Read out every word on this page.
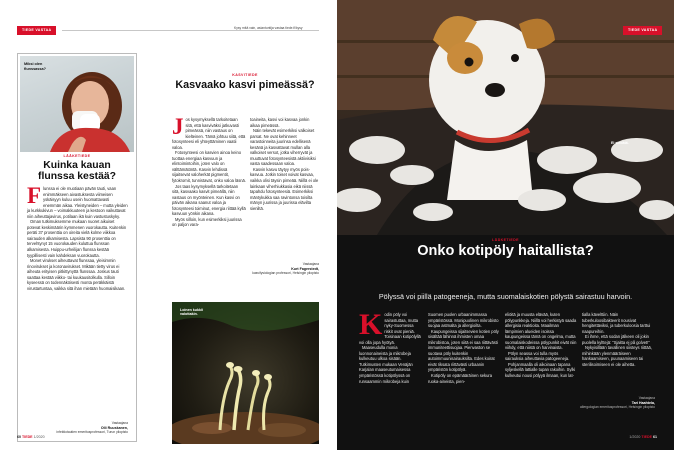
TIEDE VASTAA	Kysy mitä vain, asiantuntija vastaa tiede.fi/kysy
Miksi olen flunssassa?
LÄÄKETIEDE
Kuinka kauan flunssa kestää?
F lunssa ei ole muotiaan pävän tauti, vaan enimmäkseen aivastuksesta viimeisen yskäisyyn kuluu usein huomattavasti enemmän aikaa. Yleistyneiden – mutta yleiden ja kurkkukivun – voimakkuuteen ja kestoon vaikuttavat niin aiheuttajavirus, potilaan ikä kuin vastustuskyky.

Oman tutkimuksemme mukaan nuoret aikuiset potevat keskimäärin kymmenen vuorokautta. Kuitenkin peräti 37 prosenttia on oireita vielä kolme viikkoa sairauden alkamisesta. Lapsista 90 prosenttia on tervehtynyt 15 vuorokauden kuluttua flunssan alkamisesta. Huippu-urheilijan flunssa kestää tyypillisesti vain kahdeksan vuorokautta.

Monet virukset aiheuttavat flunssaa, yleisimmin rinovirukset ja koronavirukset. Mikään tietty virus ei aiheuta erityisen pitkittynyttä flunssaa. Joskus tauti saattaa kestää viikko- tai kuukausitolkulla. Silloin kyseessä on todennäköisesti monta peräkkäistä virustartuntaa, vaikka sitä ihan mietään huomaisikaan.

Vastaajana
Olli Ruuskanen,
infektiotautien emeritusprofessori, Turun yliopisto
KASVITIEDE
Kasvaako kasvi pimeässä?
J os kysymyksellä tarkoitetaan sitä, että kasviväksi jatkuvasti pimeässä, niin vastaus on kielteinen. Tämä johtuu siitä, että fotosynteesi eli yhteyttäminen vaatii valoa.

Fotosynteesi on kasvien ainoa keino tuottaa energiaa kasvuun ja elintoimintoihin, joten valo on välttämätöntä. Kasvin lehdissä sijaitsevat valoherkät pigmentit, fytokromit, tunnistavat, onko valoa läsnä.

Jos taas kysymyksellä tarkoitetaan sitä, kasvaako kasvit pimeällä, niin vastaus on myönteinen. Kun kasvi on päivän aikana saanut valoa ja fotosynteesi toiminut, energia riittää kyllä kasvuun yönkin aikana.

Myös silloin, kun esimerkiksi juurissa on paljon vara-

toaineita, kasvi voi kasvaa jonkin aikaa pimeässä.

Näin tekevät esimerkiksi valkoiset parsat. Ne ovat kehinneet varastoinneita juurinsa edellisenä kesänä ja kasvattavat mullan alla valkoiset versot, jotka viherryvät ja muuttuvat fotosynteesistä aktiivisiksi vasta saadessaan valoa.

Kasvin kasvu täytyy myös poiskasvua. Jotkin toiset voivat kasvaa, vaikka olisi täysin pimeää. Niillä ei ole lainkaan viherhiukkasia eikä niissä tapahdu fotosynteesiä. Esimerkiksi mäntykukka saa ravintonsa toisilta mänyn juurissa ja juurissa elävilta sieniltä.

Vastaajana
Kurt Fagerstedt,
kasvifysiologian professori, Helsingin yliopisto
Loinen kukkii valottakin.
60 TIEDE 1/2020
TIEDE VASTAA
Ei siedätä.
LÄÄKETIEDE
Onko kotipöly haitallista?
Pölyssä voi piillä patogeeneja, mutta suomalaiskotien pölystä sairastuu harvoin.
K odin pöly voi sairastuttaa, mutta nyky-Suomessa riskit ovat pieniä. Toisinaan kotipölyllä voi olla jopa hyötyä.

Maaseudulla monia luonnonaineista ja mikrobeja kulkeutuu ulkoa sisään. Tutkimusten mukaan Venäjän Karjalan maaseutumaisessa ympäristössä kotipölyssä on runsaammin mikrobeja kuin

Suomen puolen urbaanimmassa ympäristössä. Monipuolinen mikrobisto suojaa astmalta ja allergioilta.

Kaupungeissa sijaitsevien kotien pöly sisältää lähinnä ihmisten omaa mikrobistoa, joten siitä ei saa riittävästi immuniteettisuojaa. Pienvaston se suotava pöly kuitenkin autoimmuunisairauksilta. Edes koirat eivät riksata riittävästi urbaanin ympäristön kotipölyä.

Kotipöly on epämääräinen sekura ruoka-aineista, pien-

eliöitä ja muusta elävää, kuten pölypunkkeja. Niillä voi herkistyä saada allergisia reaktioita. Maailman lämpimien alueiden isoissa kaupungeissa tämä on ongelma, mutta suomalaiskodeissa pölypunkit eivät niin viihdy, että niistä on harvinaista.

Pölyn seassa voi tulla myös sairauksia aiheuttavia patogeeneja.

Pohjanmaalla oli aikoinaan tapana syljeskellä lattialle tupan rakoihin. Sylki kulkeutui nousi pölyyä ilmaan, kun lat-

tialla kävelttiin. Näin tuberkuloosibakteerit nousivat hengitettäviksi, ja tuberkuloosia tarttui naapureihin.

Ei ihme, että sodan jälkeen oli jokin puolella kylttejä: "Sjaitta ej på golvet!"

Nykyisillään tavallinen siisteys riittää, mihinkään ylenmääräiseen hankaamiseen, puunaamiseen tai sterilisoimiseen ei ole aihetta.

Vastaajana
Tari Haahtela,
allergologian emeritusprofessori, Helsingin yliopisto
1/2020 TIEDE 61
